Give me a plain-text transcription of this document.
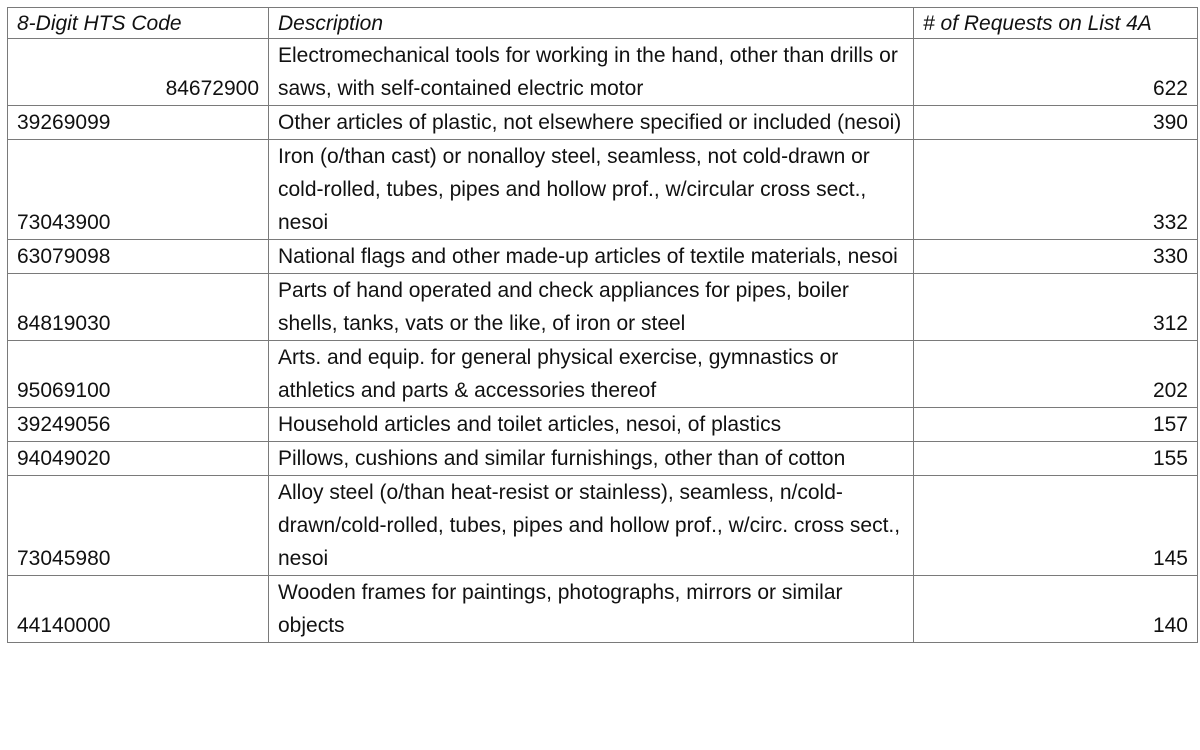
8-Digit HTS Code	Description	# of Requests on List 4A
84672900	Electromechanical tools for working in the hand, other than drills or saws, with self-contained electric motor	622
39269099	Other articles of plastic, not elsewhere specified or included (nesoi)	390
73043900	Iron (o/than cast) or nonalloy steel, seamless, not cold-drawn or cold-rolled, tubes, pipes and hollow prof., w/circular cross sect., nesoi	332
63079098	National flags and other made-up articles of textile materials, nesoi	330
84819030	Parts of hand operated and check appliances for pipes, boiler shells, tanks, vats or the like, of iron or steel	312
95069100	Arts. and equip. for general physical exercise, gymnastics or athletics and parts & accessories thereof	202
39249056	Household articles and toilet articles, nesoi, of plastics	157
94049020	Pillows, cushions and similar furnishings, other than of cotton	155
73045980	Alloy steel (o/than heat-resist or stainless), seamless, n/cold-drawn/cold-rolled, tubes, pipes and hollow prof., w/circ. cross sect., nesoi	145
44140000	Wooden frames for paintings, photographs, mirrors or similar objects	140
